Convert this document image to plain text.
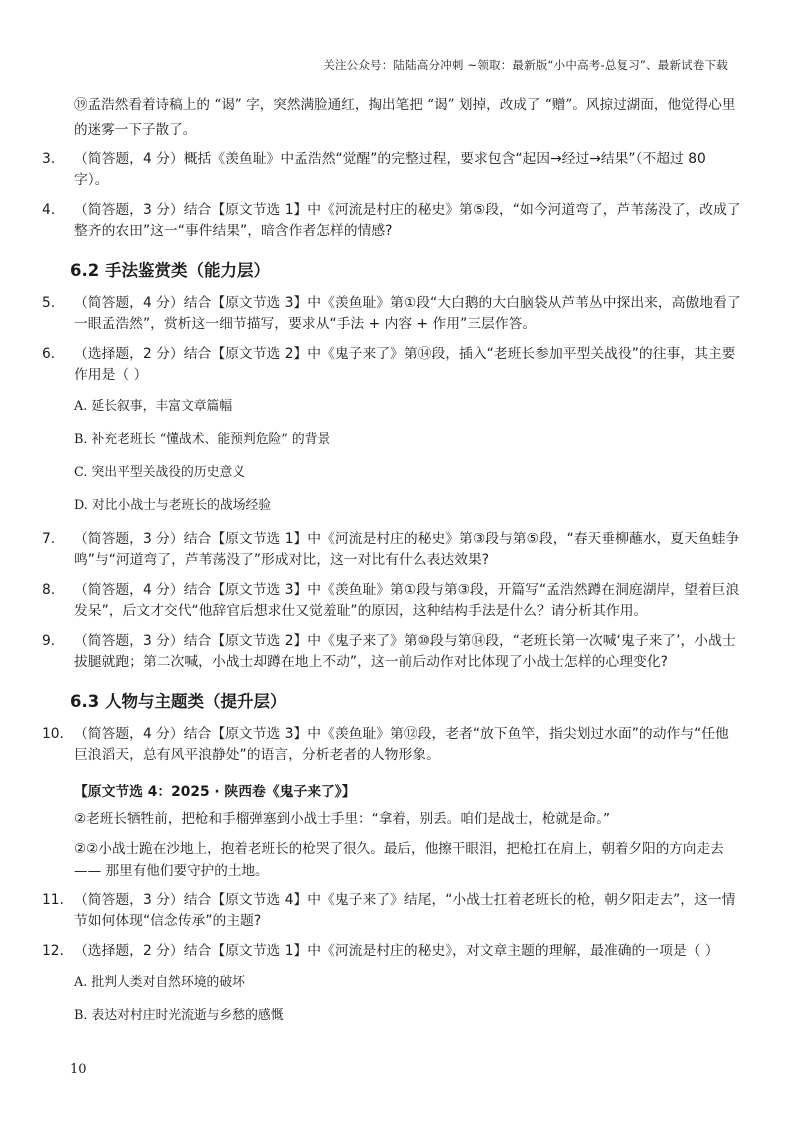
关注公众号：陆陆高分冲刺 ~领取：最新版“小中高考-总复习”、最新试卷下载

⑲孟浩然看着诗稿上的 “谒” 字，突然满脸通红，掏出笔把 “谒” 划掉，改成了 “赠”。风掠过湖面，他觉得心里的迷雾一下子散了。

3. （简答题，4 分）概括《羡鱼耻》中孟浩然“觉醒”的完整过程，要求包含“起因→经过→结果”（不超过 80 字）。
4. （简答题，3 分）结合【原文节选 1】中《河流是村庄的秘史》第⑤段，“如今河道弯了，芦苇荡没了，改成了整齐的农田”这一“事件结果”，暗含作者怎样的情感?
6.2 手法鉴赏类（能力层）
5. （简答题，4 分）结合【原文节选 3】中《羡鱼耻》第①段“大白鹅的大白脑袋从芦苇丛中探出来，高傲地看了一眼孟浩然”，赏析这一细节描写，要求从“手法 + 内容 + 作用”三层作答。
6. （选择题，2 分）结合【原文节选 2】中《鬼子来了》第⑭段，插入“老班长参加平型关战役”的往事，其主要作用是（ ）
A. 延长叙事，丰富文章篇幅
B. 补充老班长 “懂战术、能预判危险” 的背景
C. 突出平型关战役的历史意义
D. 对比小战士与老班长的战场经验
7. （简答题，3 分）结合【原文节选 1】中《河流是村庄的秘史》第③段与第⑤段，“春天垂柳蘸水，夏天鱼蛙争鸣”与“河道弯了，芦苇荡没了”形成对比，这一对比有什么表达效果?
8. （简答题，4 分）结合【原文节选 3】中《羡鱼耻》第①段与第③段，开篇写“孟浩然蹲在洞庭湖岸，望着巨浪发呆”，后文才交代“他辞官后想求仕又觉羞耻”的原因，这种结构手法是什么？请分析其作用。
9. （简答题，3 分）结合【原文节选 2】中《鬼子来了》第⑩段与第⑭段，“老班长第一次喊‘鬼子来了’，小战士拔腿就跑；第二次喊，小战士却蹲在地上不动”，这一前后动作对比体现了小战士怎样的心理变化?
6.3 人物与主题类（提升层）
10. （简答题，4 分）结合【原文节选 3】中《羡鱼耻》第⑫段，老者“放下鱼竿，指尖划过水面”的动作与“任他巨浪滔天，总有风平浪静处”的语言，分析老者的人物形象。
【原文节选 4：2025 · 陕西卷《鬼子来了》】

②老班长牺牲前，把枪和手榴弹塞到小战士手里：“拿着，别丢。咱们是战士，枪就是命。”

②②小战士跪在沙地上，抱着老班长的枪哭了很久。最后，他擦干眼泪，把枪扛在肩上，朝着夕阳的方向走去 —— 那里有他们要守护的土地。

11. （简答题，3 分）结合【原文节选 4】中《鬼子来了》结尾，“小战士扛着老班长的枪，朝夕阳走去”，这一情节如何体现“信念传承”的主题?
12. （选择题，2 分）结合【原文节选 1】中《河流是村庄的秘史》，对文章主题的理解，最准确的一项是（ ）
A. 批判人类对自然环境的破坏
B. 表达对村庄时光流逝与乡愁的感慨
10
